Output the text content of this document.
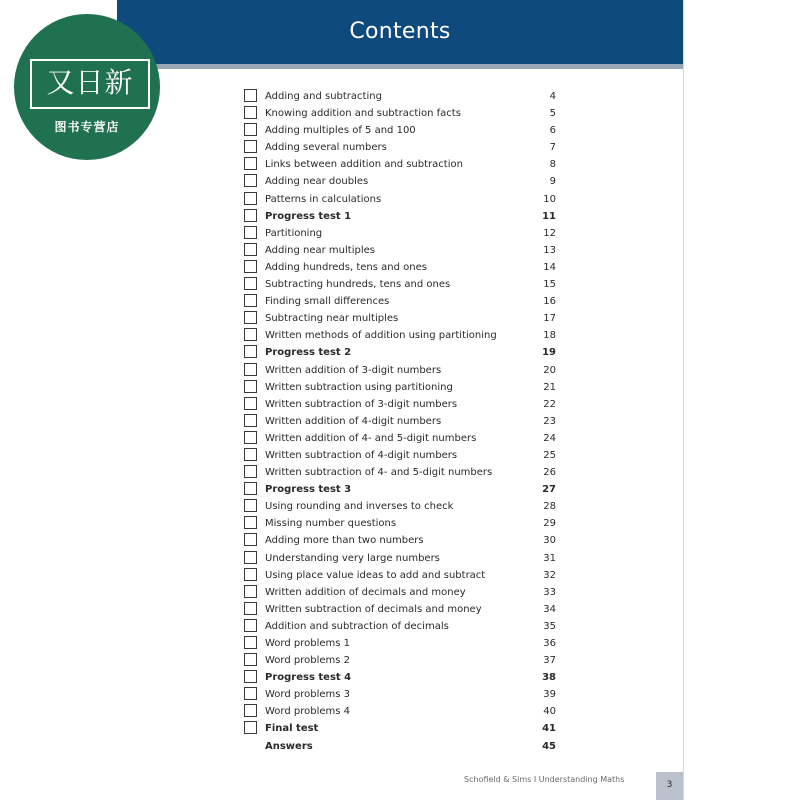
Contents
又日新
图书专营店
Adding and subtracting	4
Knowing addition and subtraction facts	5
Adding multiples of 5 and 100	6
Adding several numbers	7
Links between addition and subtraction	8
Adding near doubles	9
Patterns in calculations	10
Progress test 1	11
Partitioning	12
Adding near multiples	13
Adding hundreds, tens and ones	14
Subtracting hundreds, tens and ones	15
Finding small differences	16
Subtracting near multiples	17
Written methods of addition using partitioning	18
Progress test 2	19
Written addition of 3-digit numbers	20
Written subtraction using partitioning	21
Written subtraction of 3-digit numbers	22
Written addition of 4-digit numbers	23
Written addition of 4- and 5-digit numbers	24
Written subtraction of 4-digit numbers	25
Written subtraction of 4- and 5-digit numbers	26
Progress test 3	27
Using rounding and inverses to check	28
Missing number questions	29
Adding more than two numbers	30
Understanding very large numbers	31
Using place value ideas to add and subtract	32
Written addition of decimals and money	33
Written subtraction of decimals and money	34
Addition and subtraction of decimals	35
Word problems 1	36
Word problems 2	37
Progress test 4	38
Word problems 3	39
Word problems 4	40
Final test	41
Answers	45
Schofield & Sims I Understanding Maths
3
